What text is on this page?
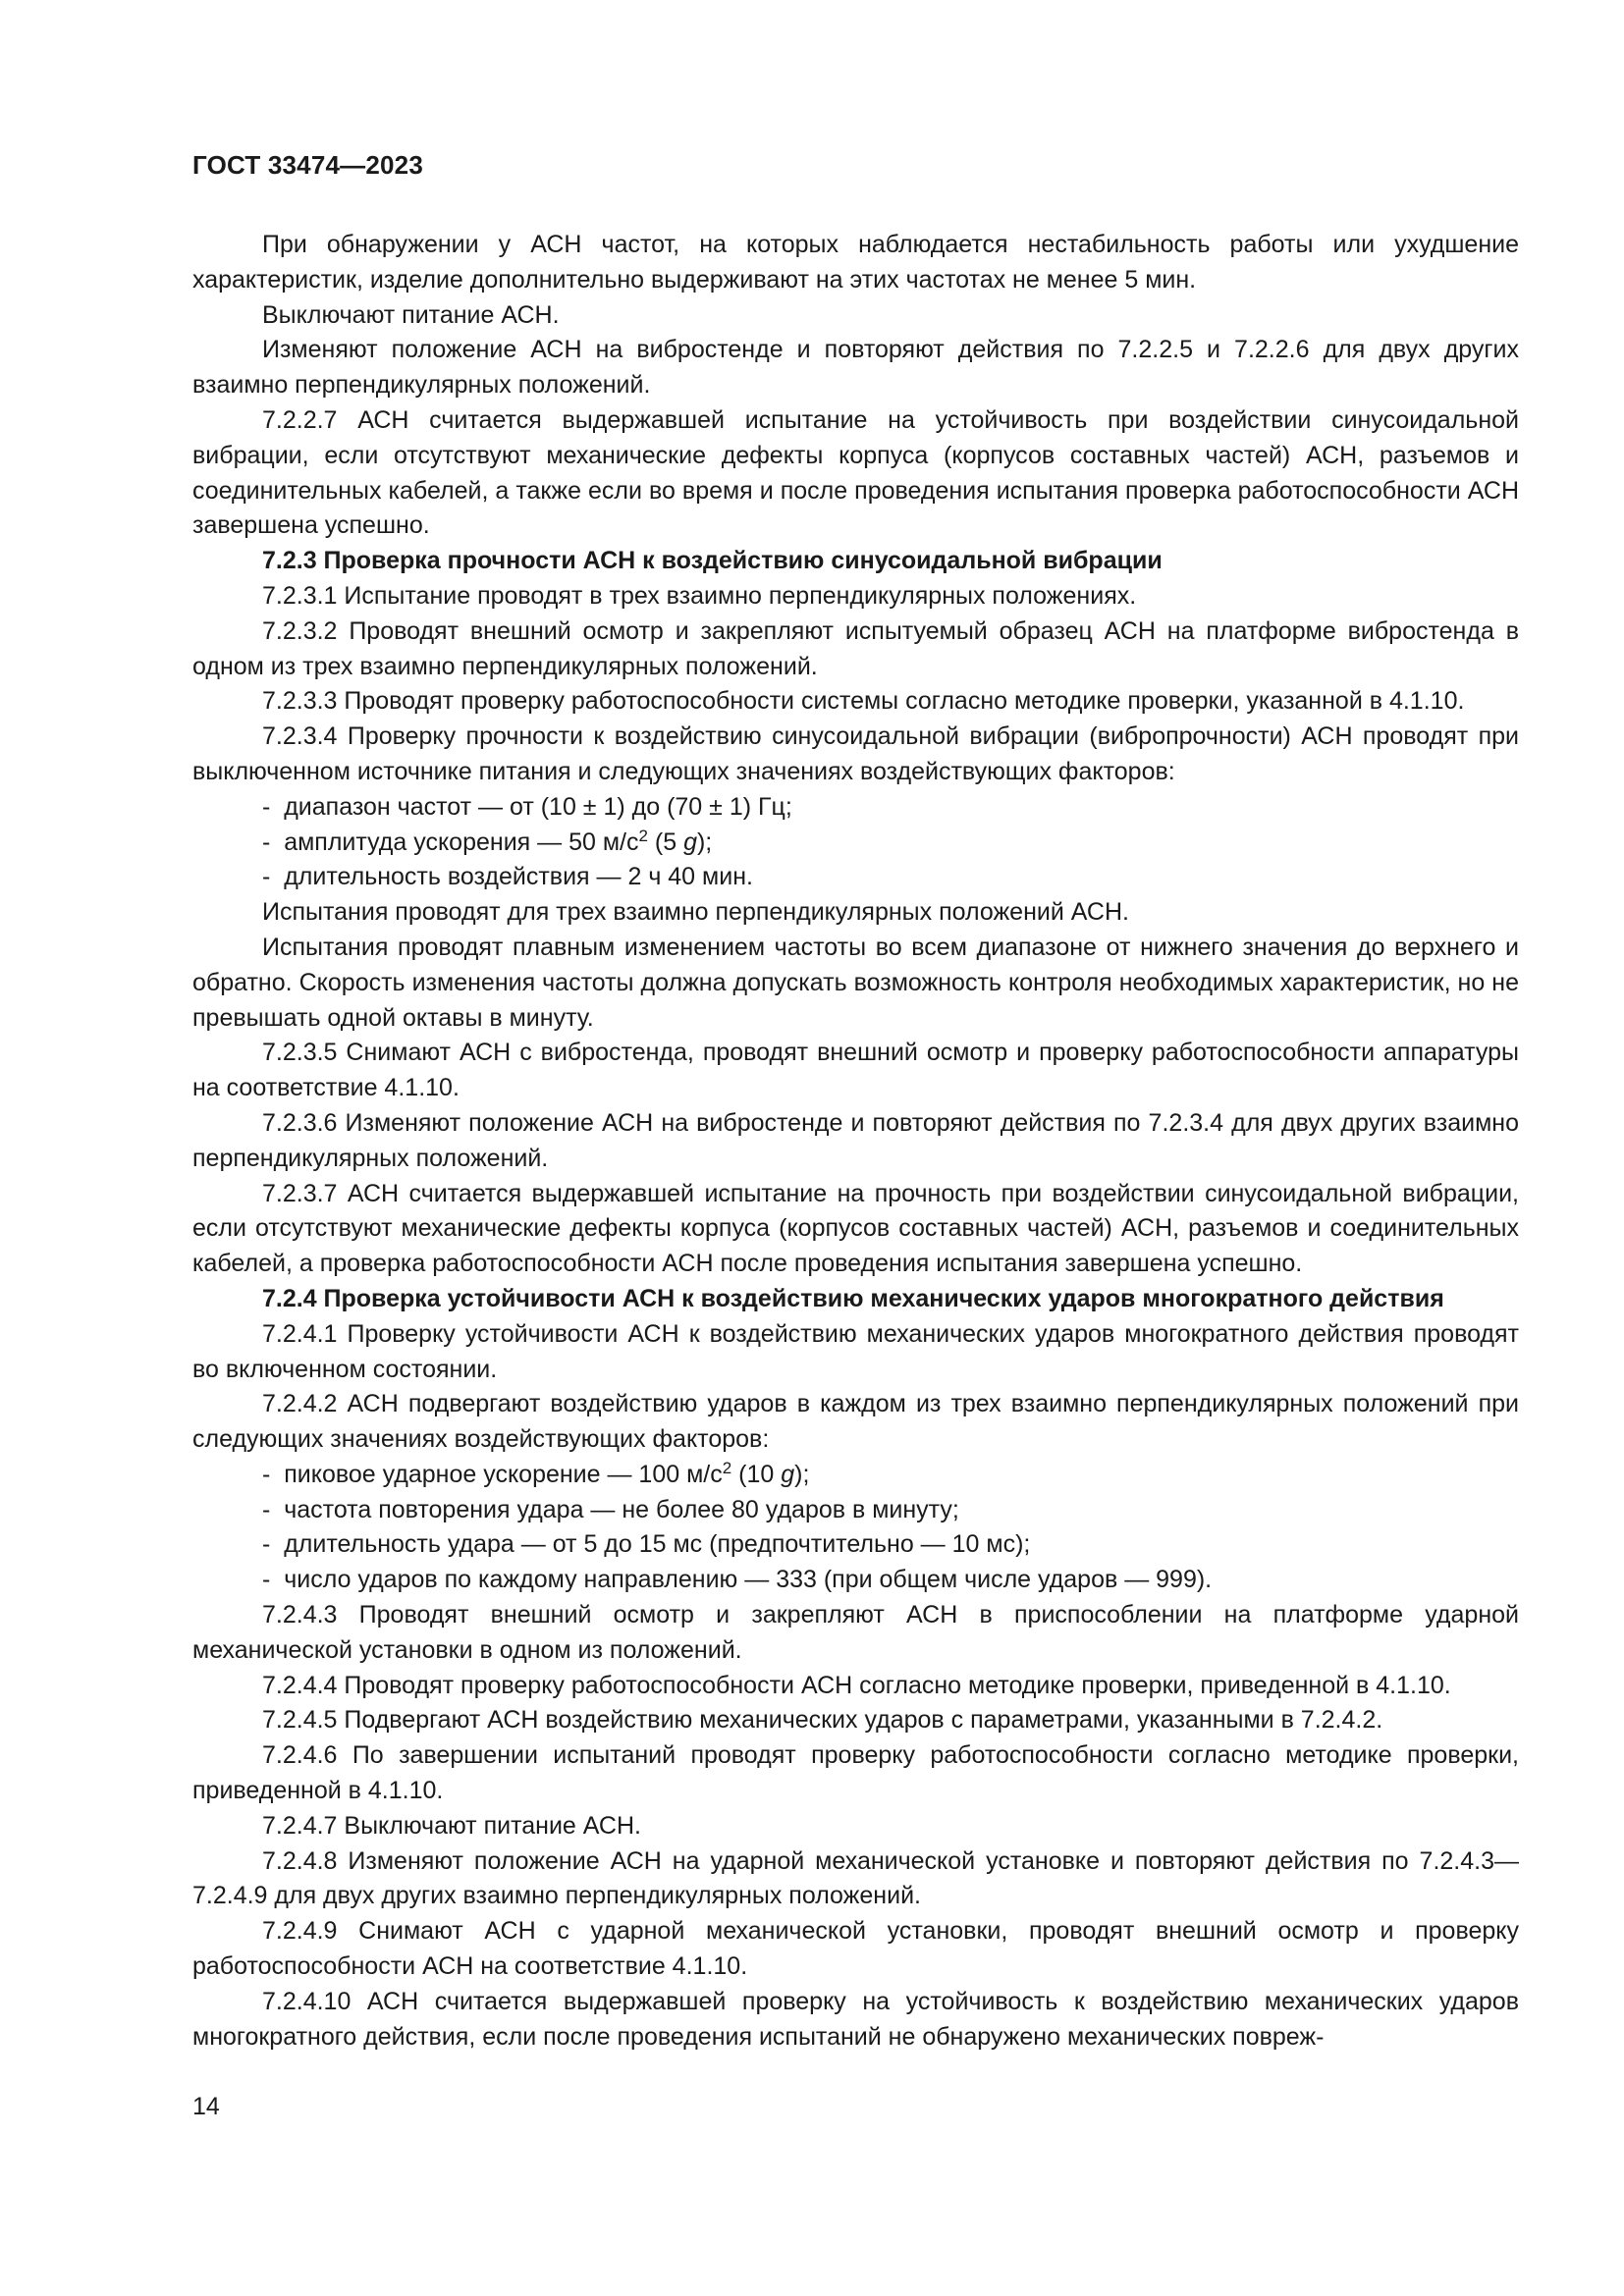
ГОСТ 33474—2023

При обнаружении у АСН частот, на которых наблюдается нестабильность работы или ухудшение характеристик, изделие дополнительно выдерживают на этих частотах не менее 5 мин.

Выключают питание АСН.

Изменяют положение АСН на вибростенде и повторяют действия по 7.2.2.5 и 7.2.2.6 для двух других взаимно перпендикулярных положений.

7.2.2.7 АСН считается выдержавшей испытание на устойчивость при воздействии синусоидальной вибрации, если отсутствуют механические дефекты корпуса (корпусов составных частей) АСН, разъемов и соединительных кабелей, а также если во время и после проведения испытания проверка работоспособности АСН завершена успешно.

7.2.3 Проверка прочности АСН к воздействию синусоидальной вибрации

7.2.3.1 Испытание проводят в трех взаимно перпендикулярных положениях.

7.2.3.2 Проводят внешний осмотр и закрепляют испытуемый образец АСН на платформе вибростенда в одном из трех взаимно перпендикулярных положений.

7.2.3.3 Проводят проверку работоспособности системы согласно методике проверки, указанной в 4.1.10.

7.2.3.4 Проверку прочности к воздействию синусоидальной вибрации (вибропрочности) АСН проводят при выключенном источнике питания и следующих значениях воздействующих факторов:

-  диапазон частот — от (10 ± 1) до (70 ± 1) Гц;

-  амплитуда ускорения — 50 $м/с^2$ (5 g);

-  длительность воздействия — 2 ч 40 мин.

Испытания проводят для трех взаимно перпендикулярных положений АСН.

Испытания проводят плавным изменением частоты во всем диапазоне от нижнего значения до верхнего и обратно. Скорость изменения частоты должна допускать возможность контроля необходимых характеристик, но не превышать одной октавы в минуту.

7.2.3.5 Снимают АСН с вибростенда, проводят внешний осмотр и проверку работоспособности аппаратуры на соответствие 4.1.10.

7.2.3.6 Изменяют положение АСН на вибростенде и повторяют действия по 7.2.3.4 для двух других взаимно перпендикулярных положений.

7.2.3.7 АСН считается выдержавшей испытание на прочность при воздействии синусоидальной вибрации, если отсутствуют механические дефекты корпуса (корпусов составных частей) АСН, разъемов и соединительных кабелей, а проверка работоспособности АСН после проведения испытания завершена успешно.

7.2.4 Проверка устойчивости АСН к воздействию механических ударов многократного действия

7.2.4.1 Проверку устойчивости АСН к воздействию механических ударов многократного действия проводят во включенном состоянии.

7.2.4.2 АСН подвергают воздействию ударов в каждом из трех взаимно перпендикулярных положений при следующих значениях воздействующих факторов:

-  пиковое ударное ускорение — 100 $м/с^2$ (10 g);

-  частота повторения удара — не более 80 ударов в минуту;

-  длительность удара — от 5 до 15 мс (предпочтительно — 10 мс);

-  число ударов по каждому направлению — 333 (при общем числе ударов — 999).

7.2.4.3 Проводят внешний осмотр и закрепляют АСН в приспособлении на платформе ударной механической установки в одном из положений.

7.2.4.4 Проводят проверку работоспособности АСН согласно методике проверки, приведенной в 4.1.10.

7.2.4.5 Подвергают АСН воздействию механических ударов с параметрами, указанными в 7.2.4.2.

7.2.4.6 По завершении испытаний проводят проверку работоспособности согласно методике проверки, приведенной в 4.1.10.

7.2.4.7 Выключают питание АСН.

7.2.4.8 Изменяют положение АСН на ударной механической установке и повторяют действия по 7.2.4.3—7.2.4.9 для двух других взаимно перпендикулярных положений.

7.2.4.9 Снимают АСН с ударной механической установки, проводят внешний осмотр и проверку работоспособности АСН на соответствие 4.1.10.

7.2.4.10 АСН считается выдержавшей проверку на устойчивость к воздействию механических ударов многократного действия, если после проведения испытаний не обнаружено механических повреж-

14
